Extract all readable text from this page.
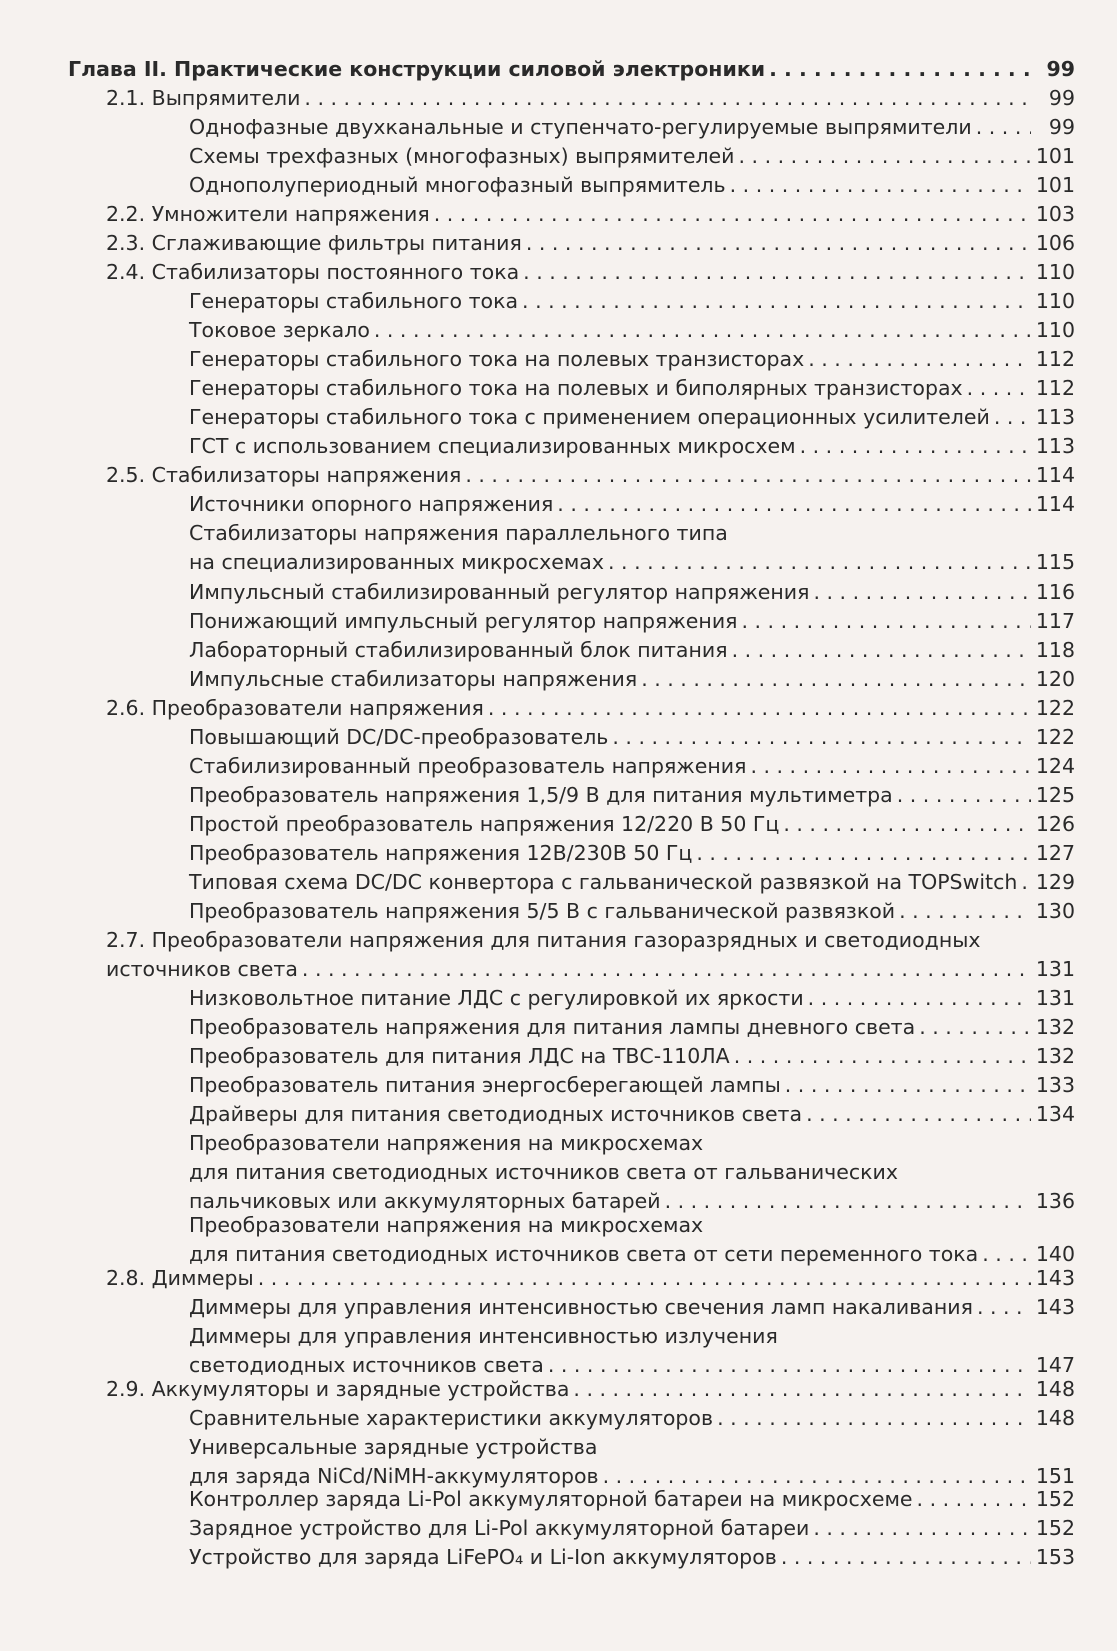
Глава II. Практические конструкции силовой электроники . . .	99
2.1. Выпрямители . . .	99
Однофазные двухканальные и ступенчато-регулируемые выпрямители . . .	99
Схемы трехфазных (многофазных) выпрямителей . . .	101
Однополупериодный многофазный выпрямитель . . .	101
2.2. Умножители напряжения . . .	103
2.3. Сглаживающие фильтры питания . . .	106
2.4. Стабилизаторы постоянного тока . . .	110
Генераторы стабильного тока . . .	110
Токовое зеркало . . .	110
Генераторы стабильного тока на полевых транзисторах . . .	112
Генераторы стабильного тока на полевых и биполярных транзисторах . . .	112
Генераторы стабильного тока с применением операционных усилителей . . . 113
ГСТ с использованием специализированных микросхем . . .	113
2.5. Стабилизаторы напряжения . . .	114
Источники опорного напряжения . . .	114
Стабилизаторы напряжения параллельного типа
на специализированных микросхемах . . .	115
Импульсный стабилизированный регулятор напряжения . . .	116
Понижающий импульсный регулятор напряжения . . .	117
Лабораторный стабилизированный блок питания . . .	118
Импульсные стабилизаторы напряжения . . .	120
2.6. Преобразователи напряжения . . .	122
Повышающий DC/DC-преобразователь . . .	122
Стабилизированный преобразователь напряжения . . .	124
Преобразователь напряжения 1,5/9 В для питания мультиметра . . .	125
Простой преобразователь напряжения 12/220 В 50 Гц . . .	126
Преобразователь напряжения 12В/230В 50 Гц . . .	127
Типовая схема DC/DC конвертора с гальванической развязкой на TOPSwitch . . . 129
Преобразователь напряжения 5/5 В с гальванической развязкой . . .	130
2.7. Преобразователи напряжения для питания газоразрядных и светодиодных
источников света . . .	131
Низковольтное питание ЛДС с регулировкой их яркости . . .	131
Преобразователь напряжения для питания лампы дневного света . . .	132
Преобразователь для питания ЛДС на ТВС-110ЛА . . .	132
Преобразователь питания энергосберегающей лампы . . .	133
Драйверы для питания светодиодных источников света . . .	134
Преобразователи напряжения на микросхемах
для питания светодиодных источников света от гальванических
пальчиковых или аккумуляторных батарей . . .	136
Преобразователи напряжения на микросхемах
для питания светодиодных источников света от сети переменного тока . . .	140
2.8. Диммеры . . .	143
Диммеры для управления интенсивностью свечения ламп накаливания . . .	143
Диммеры для управления интенсивностью излучения
светодиодных источников света . . .	147
2.9. Аккумуляторы и зарядные устройства . . .	148
Сравнительные характеристики аккумуляторов . . .	148
Универсальные зарядные устройства
для заряда NiCd/NiMH-аккумуляторов . . .	151
Контроллер заряда Li-Pol аккумуляторной батареи на микросхеме . . .	152
Зарядное устройство для Li-Pol аккумуляторной батареи . . .	152
Устройство для заряда LiFePO₄ и Li-Ion аккумуляторов . . .	153
